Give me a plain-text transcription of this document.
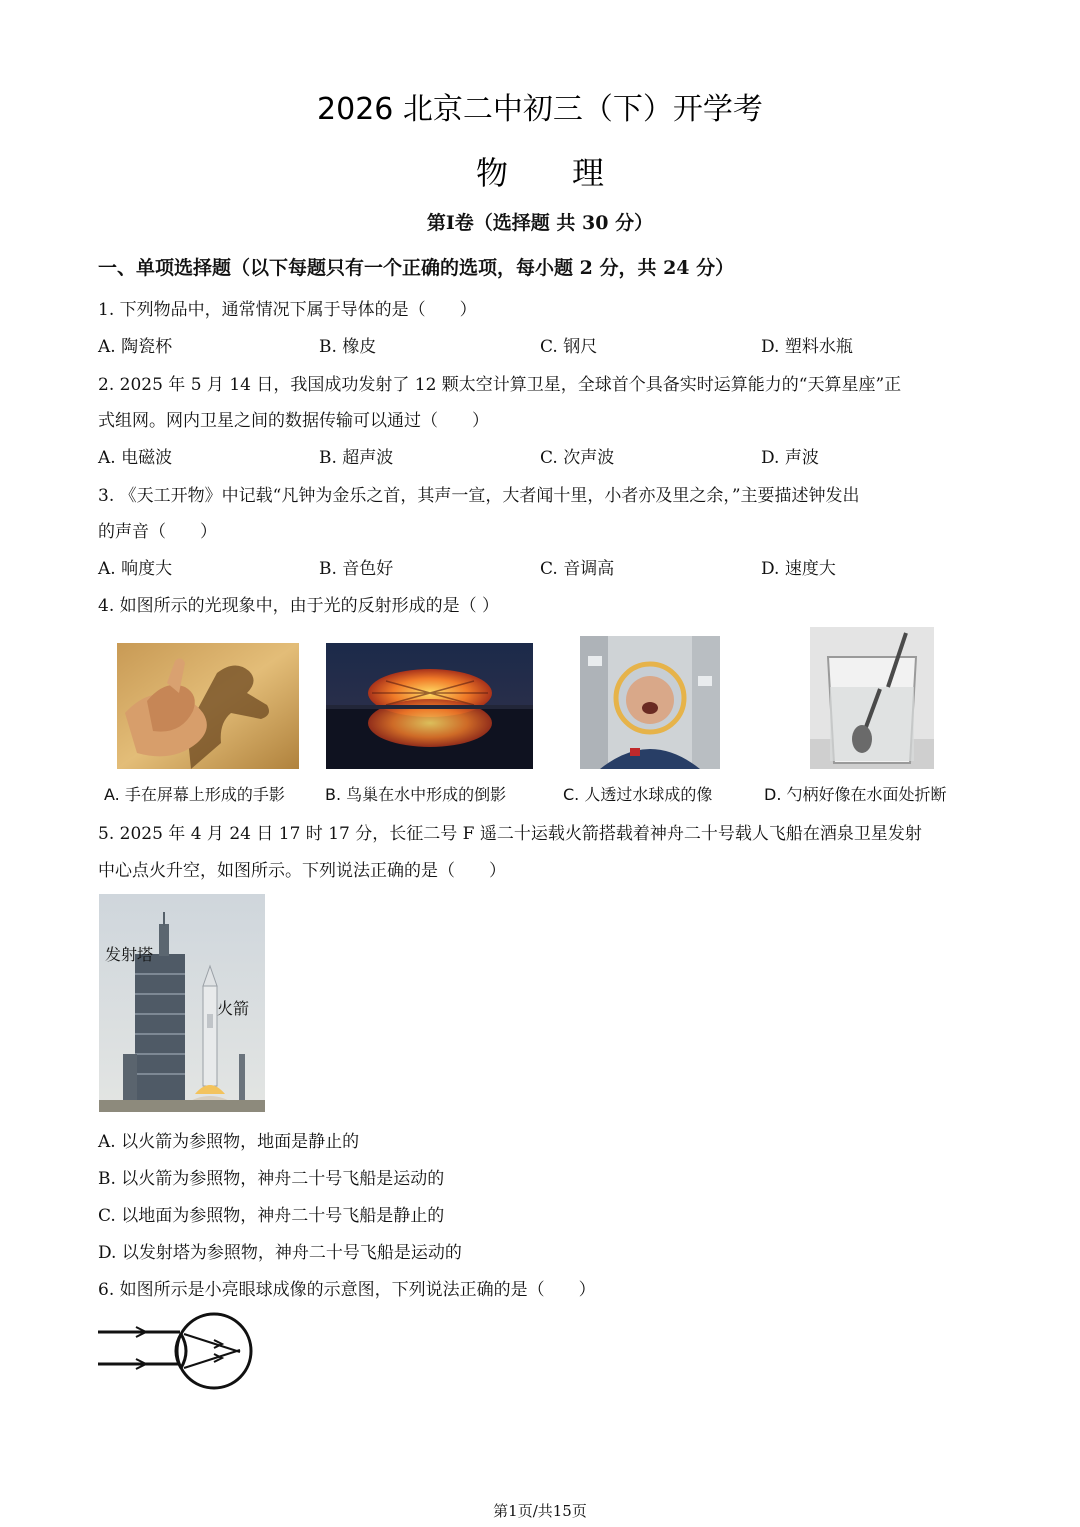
2026 北京二中初三（下）开学考
物理
第Ⅰ卷（选择题 共 30 分）
一、单项选择题（以下每题只有一个正确的选项，每小题 2 分，共 24 分）
1. 下列物品中，通常情况下属于导体的是（　　）
A. 陶瓷杯	B. 橡皮	C. 钢尺	D. 塑料水瓶
2. 2025 年 5 月 14 日，我国成功发射了 12 颗太空计算卫星，全球首个具备实时运算能力的“天算星座”正
式组网。网内卫星之间的数据传输可以通过（　　）
A. 电磁波	B. 超声波	C. 次声波	D. 声波
3. 《天工开物》中记载“凡钟为金乐之首，其声一宣，大者闻十里，小者亦及里之余，”主要描述钟发出
的声音（　　）
A. 响度大	B. 音色好	C. 音调高	D. 速度大
4. 如图所示的光现象中，由于光的反射形成的是（ ）
A. 手在屏幕上形成的手影	B. 鸟巢在水中形成的倒影	C. 人透过水球成的像	D. 勺柄好像在水面处折断
5. 2025 年 4 月 24 日 17 时 17 分，长征二号 F 遥二十运载火箭搭载着神舟二十号载人飞船在酒泉卫星发射
中心点火升空，如图所示。下列说法正确的是（　　）
发射塔
火箭
A. 以火箭为参照物，地面是静止的
B. 以火箭为参照物，神舟二十号飞船是运动的
C. 以地面为参照物，神舟二十号飞船是静止的
D. 以发射塔为参照物，神舟二十号飞船是运动的
6. 如图所示是小亮眼球成像的示意图，下列说法正确的是（　　）
第1页/共15页
